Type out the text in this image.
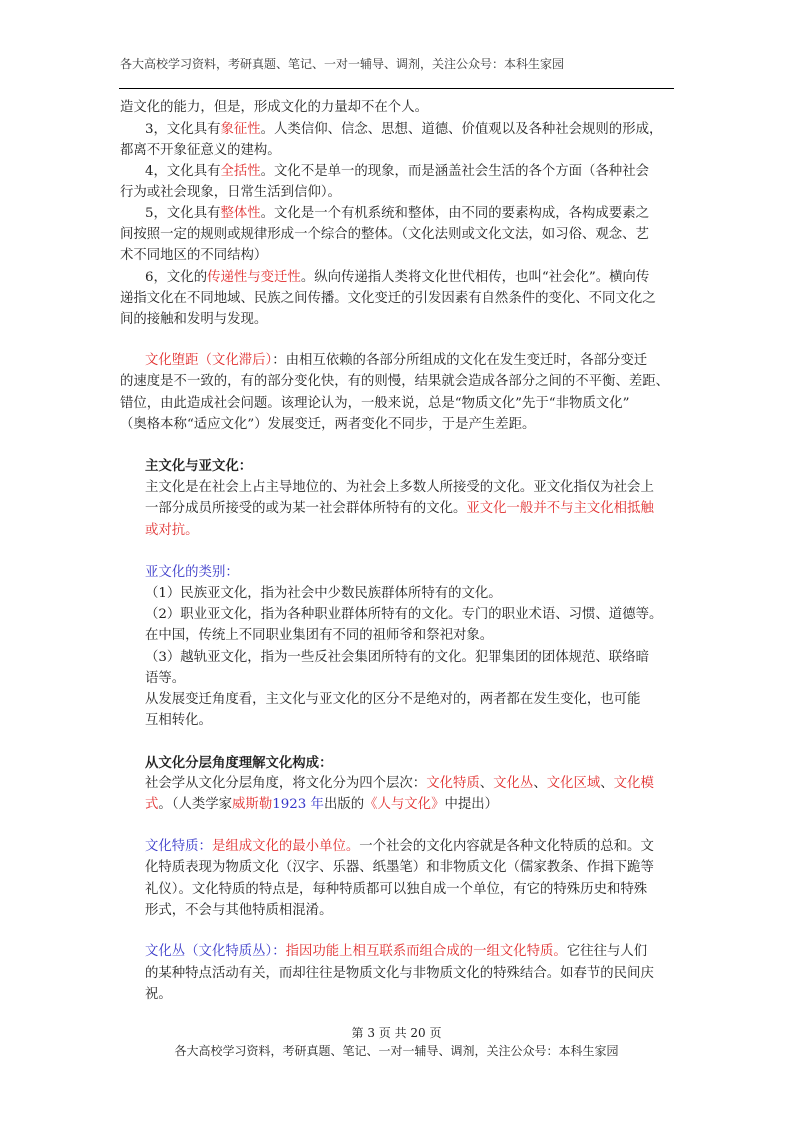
各大高校学习资料，考研真题、笔记、一对一辅导、调剂，关注公众号：本科生家园
造文化的能力，但是，形成文化的力量却不在个人。
3，文化具有象征性。人类信仰、信念、思想、道德、价值观以及各种社会规则的形成，
都离不开象征意义的建构。
4，文化具有全括性。文化不是单一的现象，而是涵盖社会生活的各个方面（各种社会
行为或社会现象，日常生活到信仰）。
5，文化具有整体性。文化是一个有机系统和整体，由不同的要素构成，各构成要素之
间按照一定的规则或规律形成一个综合的整体。（文化法则或文化文法，如习俗、观念、艺
术不同地区的不同结构）
6，文化的传递性与变迁性。纵向传递指人类将文化世代相传，也叫“社会化”。横向传
递指文化在不同地域、民族之间传播。文化变迁的引发因素有自然条件的变化、不同文化之
间的接触和发明与发现。
文化堕距（文化滞后）：由相互依赖的各部分所组成的文化在发生变迁时，各部分变迁
的速度是不一致的，有的部分变化快，有的则慢，结果就会造成各部分之间的不平衡、差距、
错位，由此造成社会问题。该理论认为，一般来说，总是“物质文化”先于“非物质文化”
（奥格本称“适应文化”）发展变迁，两者变化不同步，于是产生差距。
主文化与亚文化：
主文化是在社会上占主导地位的、为社会上多数人所接受的文化。亚文化指仅为社会上
一部分成员所接受的或为某一社会群体所特有的文化。亚文化一般并不与主文化相抵触
或对抗。
亚文化的类别：
（1）民族亚文化，指为社会中少数民族群体所特有的文化。
（2）职业亚文化，指为各种职业群体所特有的文化。专门的职业术语、习惯、道德等。
在中国，传统上不同职业集团有不同的祖师爷和祭祀对象。
（3）越轨亚文化，指为一些反社会集团所特有的文化。犯罪集团的团体规范、联络暗
语等。
从发展变迁角度看，主文化与亚文化的区分不是绝对的，两者都在发生变化，也可能
互相转化。
从文化分层角度理解文化构成：
社会学从文化分层角度，将文化分为四个层次：文化特质、文化丛、文化区域、文化模
式。（人类学家威斯勒1923 年出版的《人与文化》中提出）
文化特质：是组成文化的最小单位。一个社会的文化内容就是各种文化特质的总和。文
化特质表现为物质文化（汉字、乐器、纸墨笔）和非物质文化（儒家教条、作揖下跪等
礼仪）。文化特质的特点是，每种特质都可以独自成一个单位，有它的特殊历史和特殊
形式，不会与其他特质相混淆。
文化丛（文化特质丛）：指因功能上相互联系而组合成的一组文化特质。它往往与人们
的某种特点活动有关，而却往往是物质文化与非物质文化的特殊结合。如春节的民间庆
祝。
第 3 页 共 20 页
各大高校学习资料，考研真题、笔记、一对一辅导、调剂，关注公众号：本科生家园
